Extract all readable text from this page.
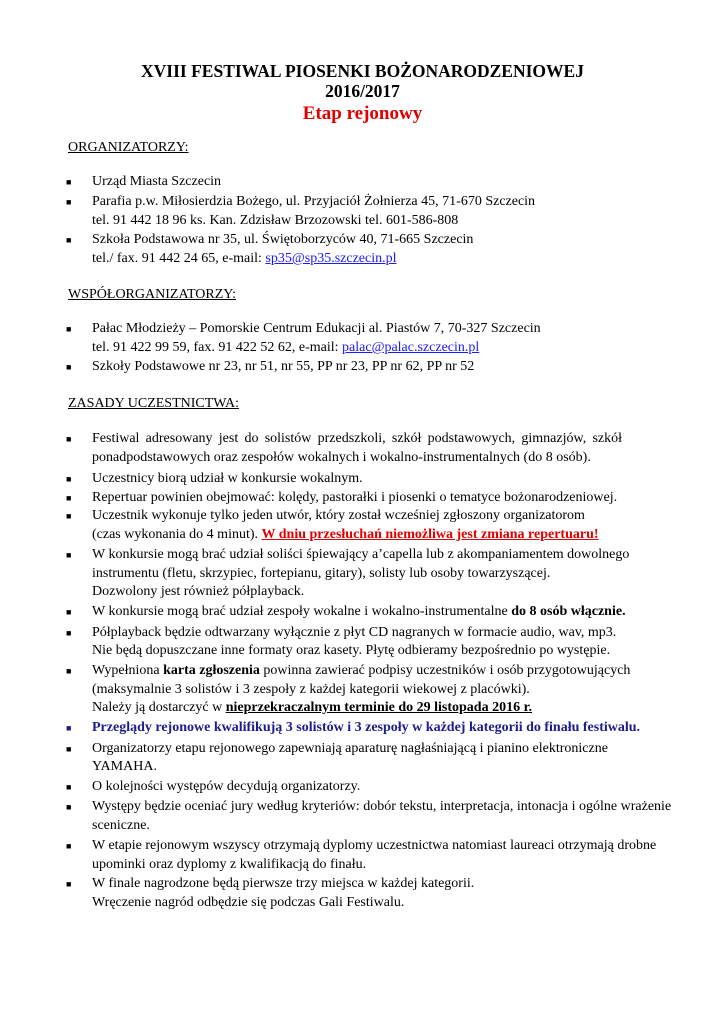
XVIII FESTIWAL PIOSENKI BOŻONARODZENIOWEJ
2016/2017
Etap rejonowy
ORGANIZATORZY:
■	Urząd Miasta Szczecin
■	Parafia p.w. Miłosierdzia Bożego, ul. Przyjaciół Żołnierza 45, 71-670 Szczecin
tel. 91 442 18 96 ks. Kan. Zdzisław Brzozowski tel. 601-586-808
■	Szkoła Podstawowa nr 35, ul. Świętoborzyców 40, 71-665 Szczecin
tel./ fax. 91 442 24 65, e-mail: sp35@sp35.szczecin.pl
WSPÓŁORGANIZATORZY:
■	Pałac Młodzieży – Pomorskie Centrum Edukacji al. Piastów 7, 70-327 Szczecin
tel. 91 422 99 59, fax. 91 422 52 62, e-mail: palac@palac.szczecin.pl
■	Szkoły Podstawowe nr 23, nr 51, nr 55, PP nr 23, PP nr 62, PP nr 52
ZASADY UCZESTNICTWA:
■	Festiwal adresowany jest do solistów przedszkoli, szkół podstawowych, gimnazjów, szkół
ponadpodstawowych oraz zespołów wokalnych i wokalno-instrumentalnych (do 8 osób).
■	Uczestnicy biorą udział w konkursie wokalnym.
■	Repertuar powinien obejmować: kolędy, pastorałki i piosenki o tematyce bożonarodzeniowej.
■	Uczestnik wykonuje tylko jeden utwór, który został wcześniej zgłoszony organizatorom
(czas wykonania do 4 minut). W dniu przesłuchań niemożliwa jest zmiana repertuaru!
■	W konkursie mogą brać udział soliści śpiewający a’capella lub z akompaniamentem dowolnego
instrumentu (fletu, skrzypiec, fortepianu, gitary), solisty lub osoby towarzyszącej.
Dozwolony jest również półplayback.
■	W konkursie mogą brać udział zespoły wokalne i wokalno-instrumentalne do 8 osób włącznie.
■	Półplayback będzie odtwarzany wyłącznie z płyt CD nagranych w formacie audio, wav, mp3.
Nie będą dopuszczane inne formaty oraz kasety. Płytę odbieramy bezpośrednio po występie.
■	Wypełniona karta zgłoszenia powinna zawierać podpisy uczestników i osób przygotowujących
(maksymalnie 3 solistów i 3 zespoły z każdej kategorii wiekowej z placówki).
Należy ją dostarczyć w nieprzekraczalnym terminie do 29 listopada 2016 r.
■	Przeglądy rejonowe kwalifikują 3 solistów i 3 zespoły w każdej kategorii do finału festiwalu.
■	Organizatorzy etapu rejonowego zapewniają aparaturę nagłaśniającą i pianino elektroniczne
YAMAHA.
■	O kolejności występów decydują organizatorzy.
■	Występy będzie oceniać jury według kryteriów: dobór tekstu, interpretacja, intonacja i ogólne wrażenie
sceniczne.
■	W etapie rejonowym wszyscy otrzymają dyplomy uczestnictwa natomiast laureaci otrzymają drobne
upominki oraz dyplomy z kwalifikacją do finału.
■	W finale nagrodzone będą pierwsze trzy miejsca w każdej kategorii.
Wręczenie nagród odbędzie się podczas Gali Festiwalu.
